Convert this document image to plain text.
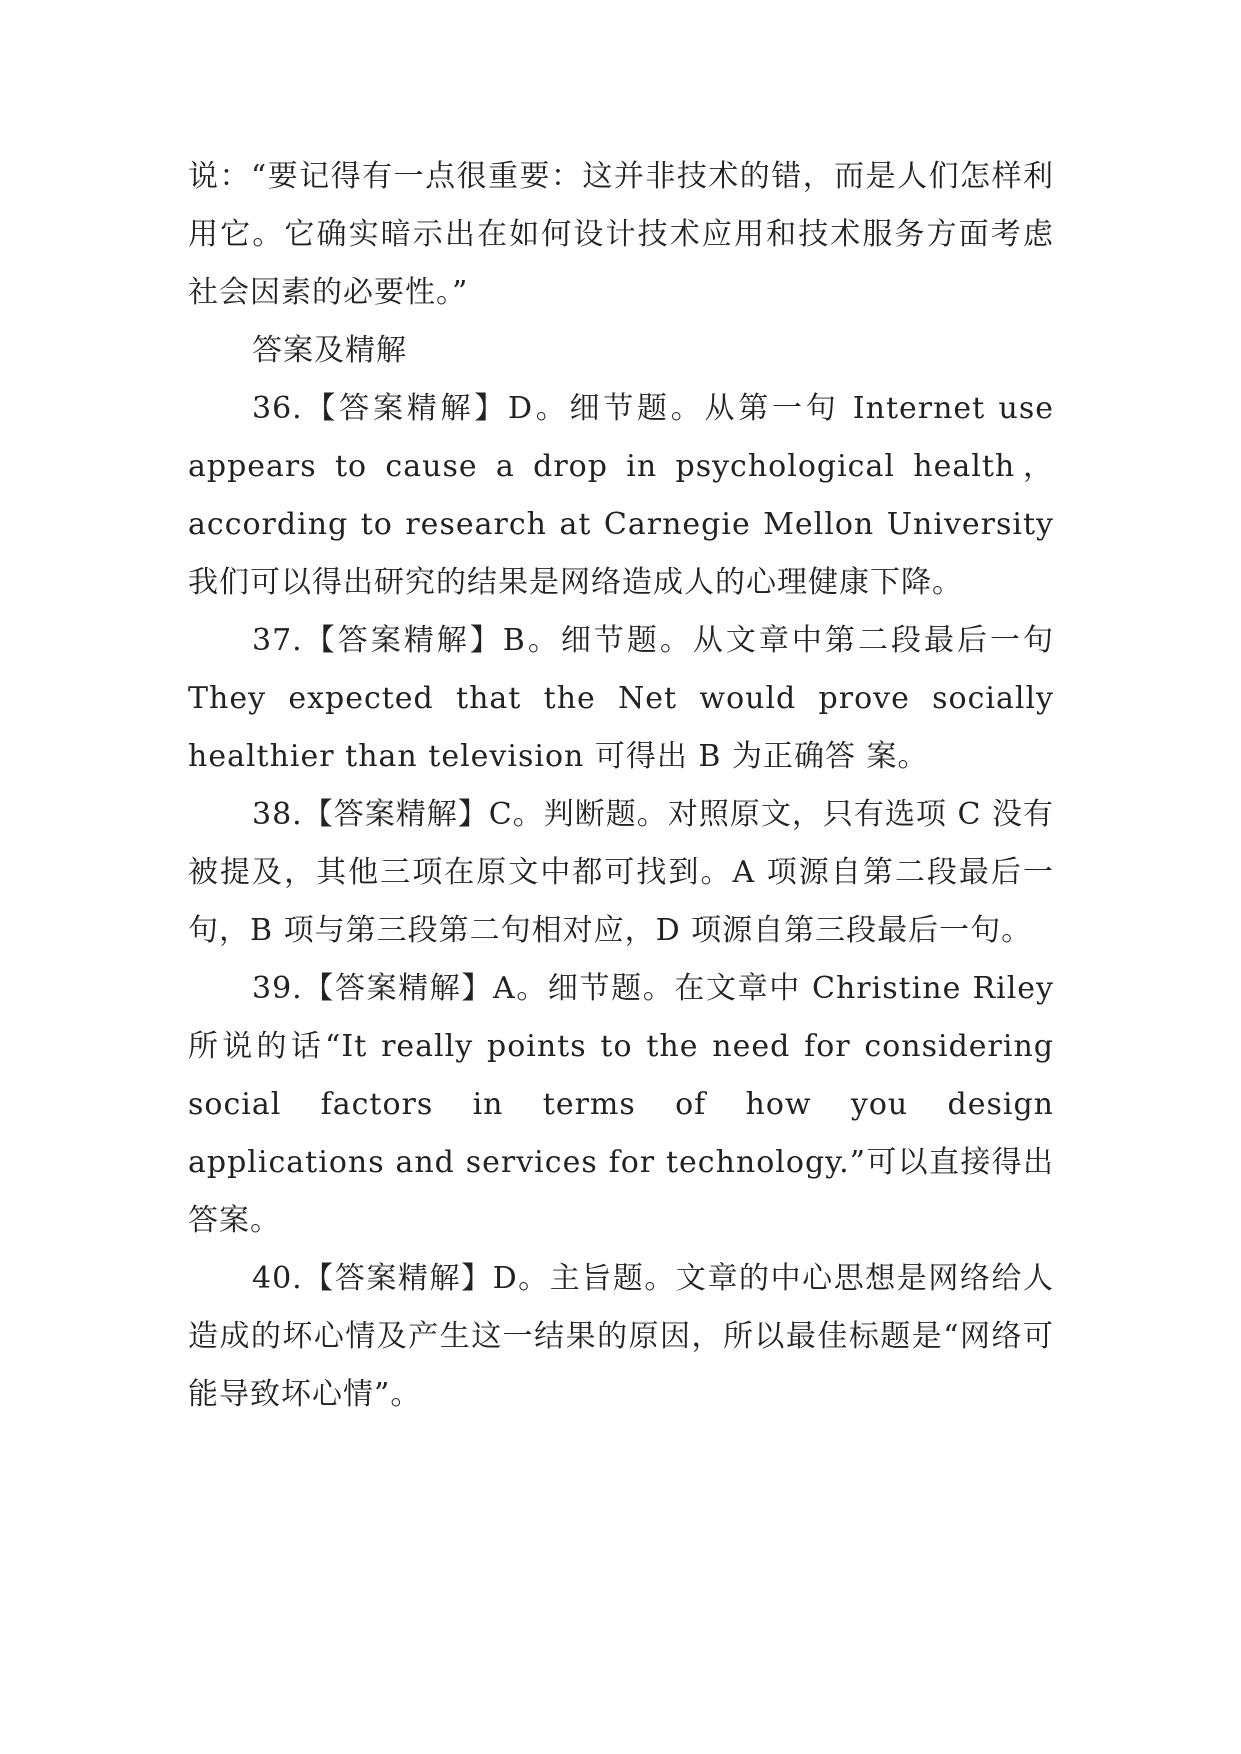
说：“要记得有一点很重要：这并非技术的错，而是人们怎样利用它。它确实暗示出在如何设计技术应用和技术服务方面考虑社会因素的必要性。”

答案及精解

36.【答案精解】D。细节题。从第一句 Internet use appears to cause a drop in psychological health，according to research at Carnegie Mellon University 我们可以得出研究的结果是网络造成人的心理健康下降。

37.【答案精解】B。细节题。从文章中第二段最后一句 They expected that the Net would prove socially healthier than television 可得出 B 为正确答 案。

38.【答案精解】C。判断题。对照原文，只有选项 C 没有被提及，其他三项在原文中都可找到。A 项源自第二段最后一句，B 项与第三段第二句相对应，D 项源自第三段最后一句。

39.【答案精解】A。细节题。在文章中 Christine Riley 所说的话“It really points to the need for considering social factors in terms of how you design applications and services for technology.”可以直接得出答案。

40.【答案精解】D。主旨题。文章的中心思想是网络给人造成的坏心情及产生这一结果的原因，所以最佳标题是“网络可能导致坏心情”。
